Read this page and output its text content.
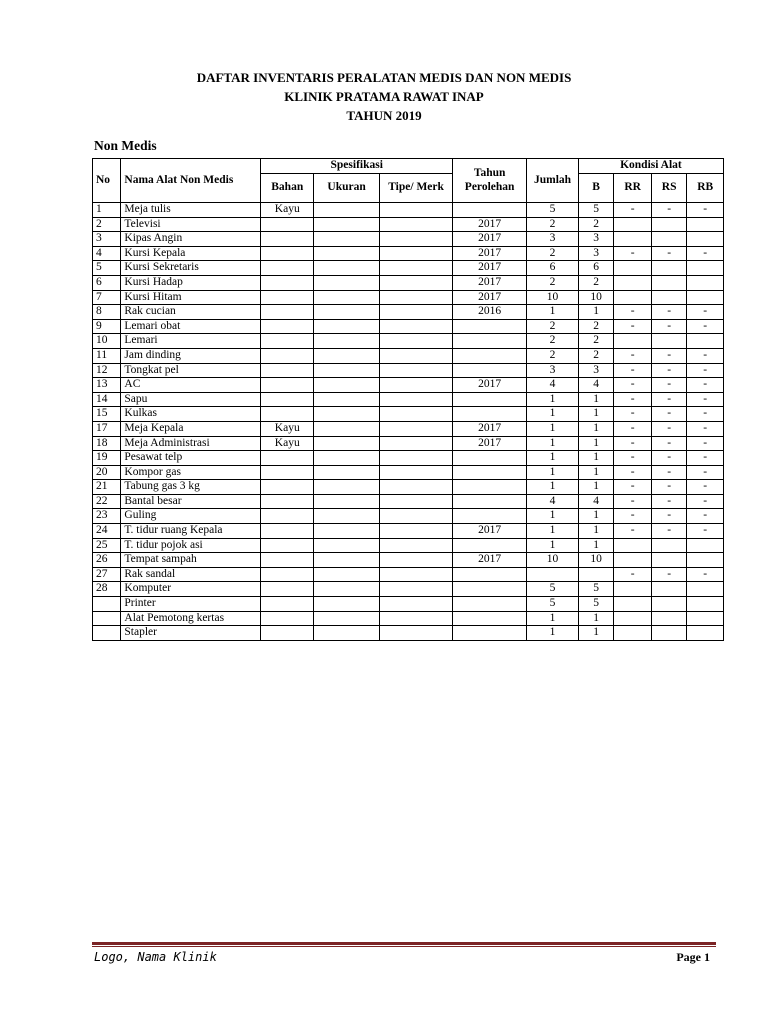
DAFTAR INVENTARIS PERALATAN MEDIS DAN NON MEDIS
KLINIK PRATAMA RAWAT INAP
TAHUN 2019
Non Medis
No	Nama Alat Non Medis	Spesifikasi			Tahun Perolehan	Jumlah	Kondisi Alat			
		Bahan	Ukuran	Tipe/ Merk			B	RR	RS	RB
1	Meja tulis	Kayu				5	5	-	-	-
2	Televisi				2017	2	2			
3	Kipas Angin				2017	3	3			
4	Kursi Kepala				2017	2	3	-	-	-
5	Kursi Sekretaris				2017	6	6			
6	Kursi Hadap				2017	2	2			
7	Kursi Hitam				2017	10	10			
8	Rak cucian				2016	1	1	-	-	-
9	Lemari obat					2	2	-	-	-
10	Lemari					2	2			
11	Jam dinding					2	2	-	-	-
12	Tongkat pel					3	3	-	-	-
13	AC				2017	4	4	-	-	-
14	Sapu					1	1	-	-	-
15	Kulkas					1	1	-	-	-
17	Meja Kepala	Kayu			2017	1	1	-	-	-
18	Meja Administrasi	Kayu			2017	1	1	-	-	-
19	Pesawat telp					1	1	-	-	-
20	Kompor gas					1	1	-	-	-
21	Tabung gas 3 kg					1	1	-	-	-
22	Bantal besar					4	4	-	-	-
23	Guling					1	1	-	-	-
24	T. tidur ruang Kepala				2017	1	1	-	-	-
25	T. tidur pojok asi					1	1			
26	Tempat sampah				2017	10	10			
27	Rak sandal							-	-	-
28	Komputer					5	5			
	Printer					5	5			
	Alat Pemotong kertas					1	1			
	Stapler					1	1			
Logo, Nama Klinik	Page 1
